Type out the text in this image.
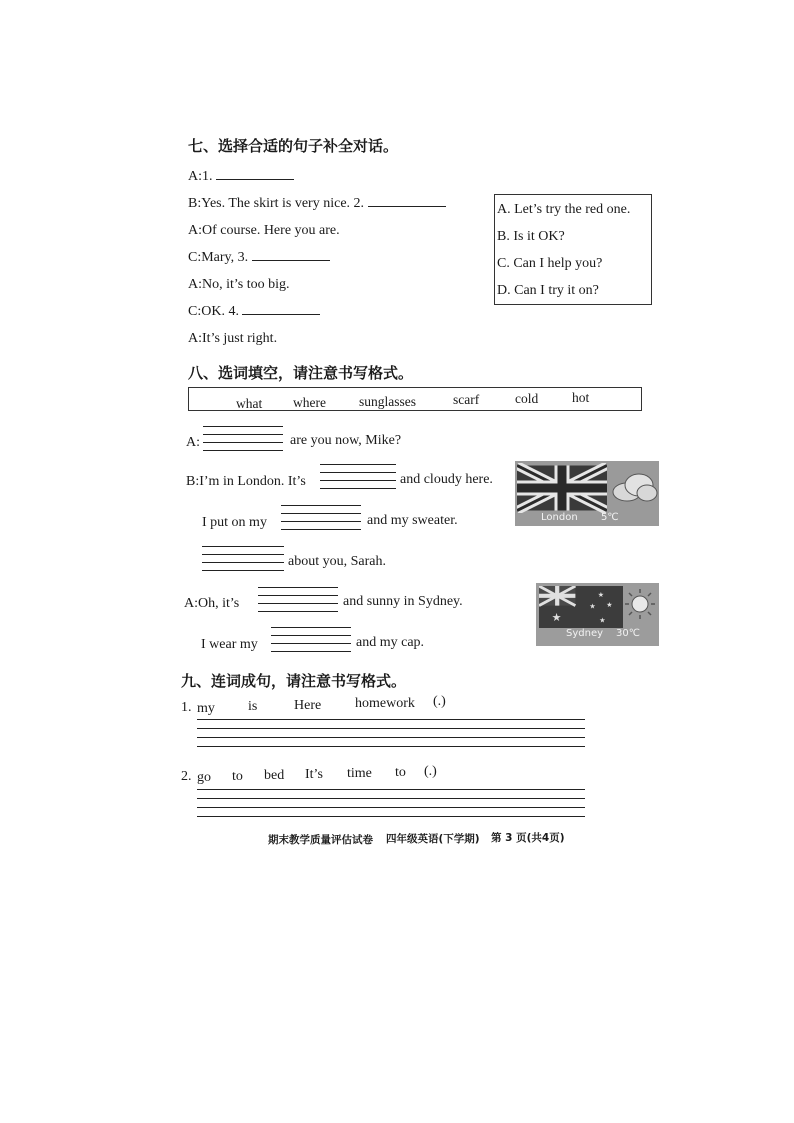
七、选择合适的句子补全对话。
A:1.
B:Yes. The skirt is very nice. 2.
A:Of course. Here you are.
C:Mary, 3.
A:No, it’s too big.
C:OK. 4.
A:It’s just right.
A. Let’s try the red one.
B. Is it OK?
C. Can I help you?
D. Can I try it on?
八、选词填空，请注意书写格式。
what where sunglasses	scarf	cold	hot
A:	are you now, Mike?
B:I’m in London. It’s	and cloudy here.
I put on my	and my sweater.
about you, Sarah.
A:Oh, it’s	and sunny in Sydney.
I wear my	and my cap.
London 5℃
★
★
★ ★
★
Sydney 30℃
九、连词成句，请注意书写格式。
1. my is	Here homework (.)
2. go to bed It’s time to (.)
期末教学质量评估试卷 四年级英语(下学期) 第 3 页(共4页)
